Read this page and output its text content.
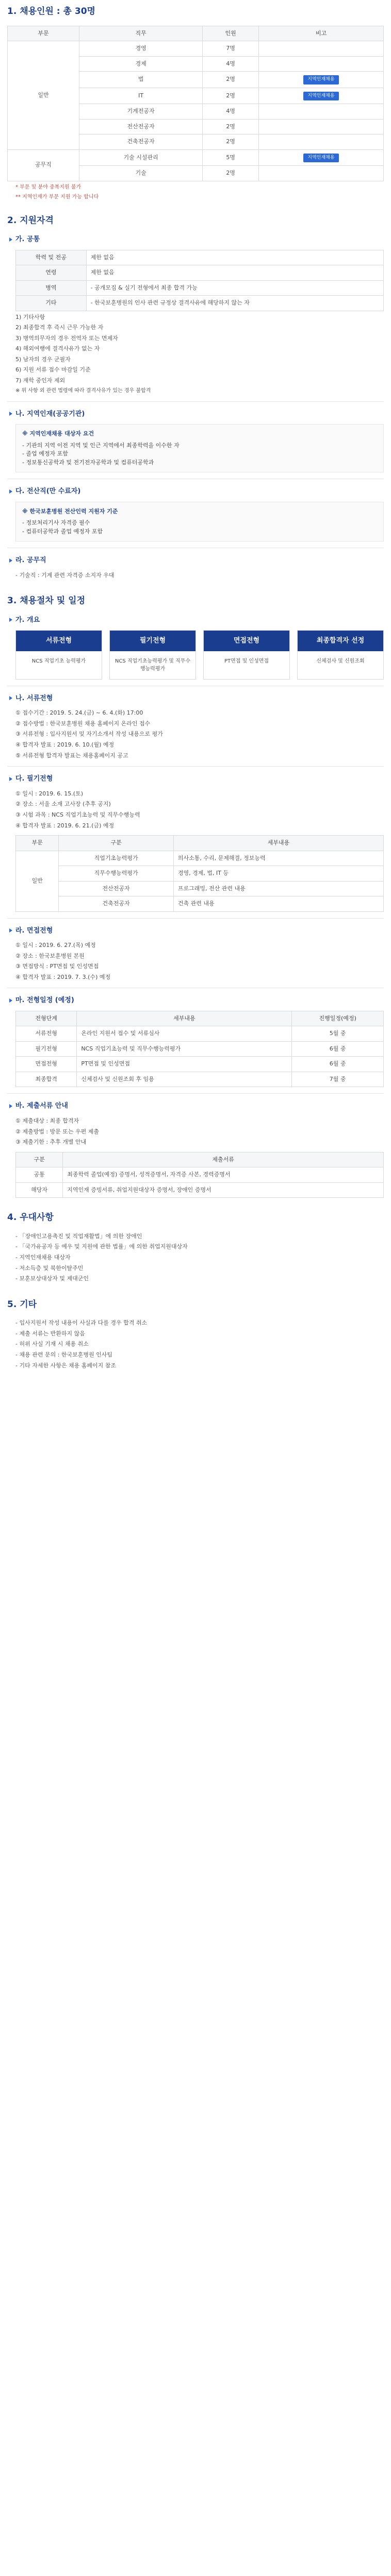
1. 채용인원 : 총 30명
부문	직무	인원	비고
일반	경영	7명	
	경제	4명	
	법	2명	지역인재채용
	IT	2명	지역인재채용
	기계전공자	4명	
	전산전공자	2명	
	건축전공자	2명	
공무직	기술 시설관리	5명	지역인재채용
	기술	2명	
* 부문 및 분야 중복지원 불가
** 지역인재가 부문 지원 가능 합니다
2. 지원자격
가. 공통
학력 및 전공	제한 없음
연령	제한 없음
병역	- 공개모집 & 실기 전형에서 최종 합격 가능
기타	- 한국보훈병원의 인사 관련 규정상 결격사유에 해당하지 않는 자
1) 기타사항
2) 최종합격 후 즉시 근무 가능한 자
3) 병역의무자의 경우 전역자 또는 면제자
4) 해외여행에 결격사유가 없는 자
5) 남자의 경우 군필자
6) 지원 서류 접수 마감일 기준
7) 재학 중인자 제외
※ 위 사항 외 관련 법령에 따라 결격사유가 있는 경우 불합격
나. 지역인재(공공기관)
※ 지역인재채용 대상자 요건
- 기관의 지역 이전 지역 및 인근 지역에서 최종학력을 이수한 자
- 졸업 예정자 포함
- 정보통신공학과 및 전기전자공학과 및 컴퓨터공학과
다. 전산직(만 수료자)
※ 한국보훈병원 전산인력 지원자 기준
- 정보처리기사 자격증 필수
- 컴퓨터공학과 졸업 예정자 포함
라. 공무직
- 기술직 : 기계 관련 자격증 소지자 우대
3. 채용절차 및 일정
가. 개요
서류전형
NCS 직업기초 능력평가
필기전형
NCS 직업기초능력평가 및 직무수행능력평가
면접전형
PT면접 및 인성면접
최종합격자 선정
신체검사 및 신원조회
나. 서류전형
① 접수기간 : 2019. 5. 24.(금) ~ 6. 4.(화) 17:00
② 접수방법 : 한국보훈병원 채용 홈페이지 온라인 접수
③ 서류전형 : 입사지원서 및 자기소개서 작성 내용으로 평가
④ 합격자 발표 : 2019. 6. 10.(월) 예정
⑤ 서류전형 합격자 발표는 채용홈페이지 공고
다. 필기전형
① 일시 : 2019. 6. 15.(토)
② 장소 : 서울 소재 고사장 (추후 공지)
③ 시험 과목 : NCS 직업기초능력 및 직무수행능력
④ 합격자 발표 : 2019. 6. 21.(금) 예정
부문	구분	세부내용
일반	직업기초능력평가	의사소통, 수리, 문제해결, 정보능력
	직무수행능력평가	경영, 경제, 법, IT 등
	전산전공자	프로그래밍, 전산 관련 내용
	건축전공자	건축 관련 내용
라. 면접전형
① 일시 : 2019. 6. 27.(목) 예정
② 장소 : 한국보훈병원 본원
③ 면접방식 : PT면접 및 인성면접
④ 합격자 발표 : 2019. 7. 3.(수) 예정
마. 전형일정 (예정)
전형단계	세부내용	진행일정(예정)
서류전형	온라인 지원서 접수 및 서류심사	5월 중
필기전형	NCS 직업기초능력 및 직무수행능력평가	6월 중
면접전형	PT면접 및 인성면접	6월 중
최종합격	신체검사 및 신원조회 후 임용	7월 중
바. 제출서류 안내
① 제출대상 : 최종 합격자
② 제출방법 : 방문 또는 우편 제출
③ 제출기한 : 추후 개별 안내
구분	제출서류
공통	최종학력 졸업(예정) 증명서, 성적증명서, 자격증 사본, 경력증명서
해당자	지역인재 증빙서류, 취업지원대상자 증명서, 장애인 증명서
4. 우대사항
- 「장애인고용촉진 및 직업재활법」에 의한 장애인
- 「국가유공자 등 예우 및 지원에 관한 법률」에 의한 취업지원대상자
- 지역인재채용 대상자
- 저소득층 및 북한이탈주민
- 보훈보상대상자 및 제대군인
5. 기타
- 입사지원서 작성 내용이 사실과 다를 경우 합격 취소
- 제출 서류는 반환하지 않음
- 허위 사실 기재 시 채용 취소
- 채용 관련 문의 : 한국보훈병원 인사팀
- 기타 자세한 사항은 채용 홈페이지 참조
